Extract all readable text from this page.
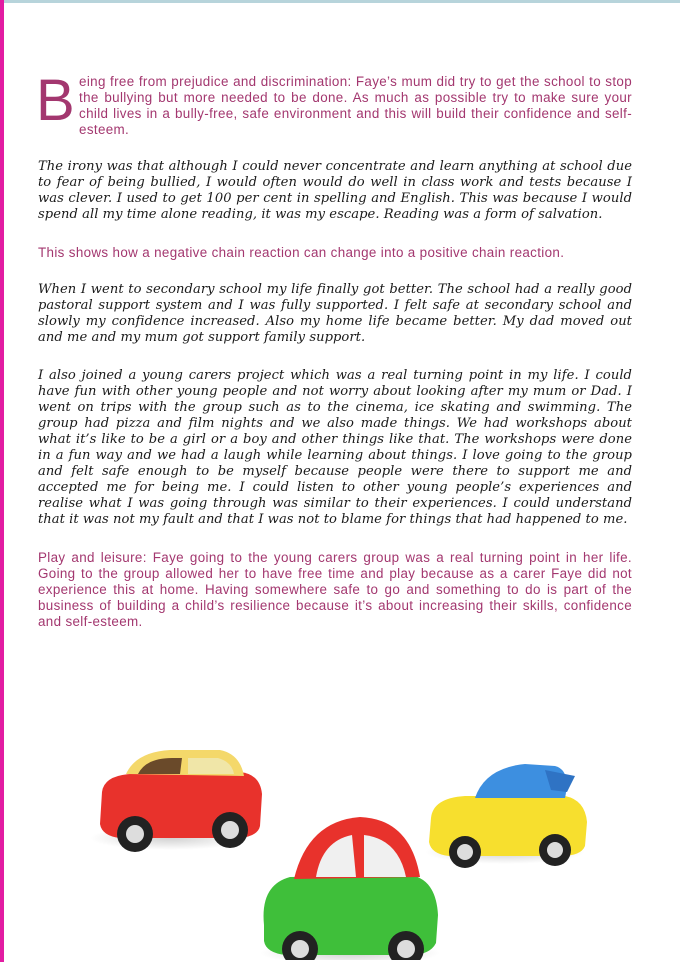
Being free from prejudice and discrimination: Faye’s mum did try to get the school to stop the bullying but more needed to be done. As much as possible try to make sure your child lives in a bully-free, safe environment and this will build their confidence and self-esteem.

The irony was that although I could never concentrate and learn anything at school due to fear of being bullied, I would often would do well in class work and tests because I was clever. I used to get 100 per cent in spelling and English. This was because I would spend all my time alone reading, it was my escape. Reading was a form of salvation.

This shows how a negative chain reaction can change into a positive chain reaction.

When I went to secondary school my life finally got better. The school had a really good pastoral support system and I was fully supported. I felt safe at secondary school and slowly my confidence increased. Also my home life became better. My dad moved out and me and my mum got support family support.

I also joined a young carers project which was a real turning point in my life. I could have fun with other young people and not worry about looking after my mum or Dad. I went on trips with the group such as to the cinema, ice skating and swimming. The group had pizza and film nights and we also made things. We had workshops about what it’s like to be a girl or a boy and other things like that. The workshops were done in a fun way and we had a laugh while learning about things. I love going to the group and felt safe enough to be myself because people were there to support me and accepted me for being me. I could listen to other young people’s experiences and realise what I was going through was similar to their experiences. I could understand that it was not my fault and that I was not to blame for things that had happened to me.

Play and leisure: Faye going to the young carers group was a real turning point in her life. Going to the group allowed her to have free time and play because as a carer Faye did not experience this at home. Having somewhere safe to go and something to do is part of the business of building a child’s resilience because it’s about increasing their skills, confidence and self-esteem.
